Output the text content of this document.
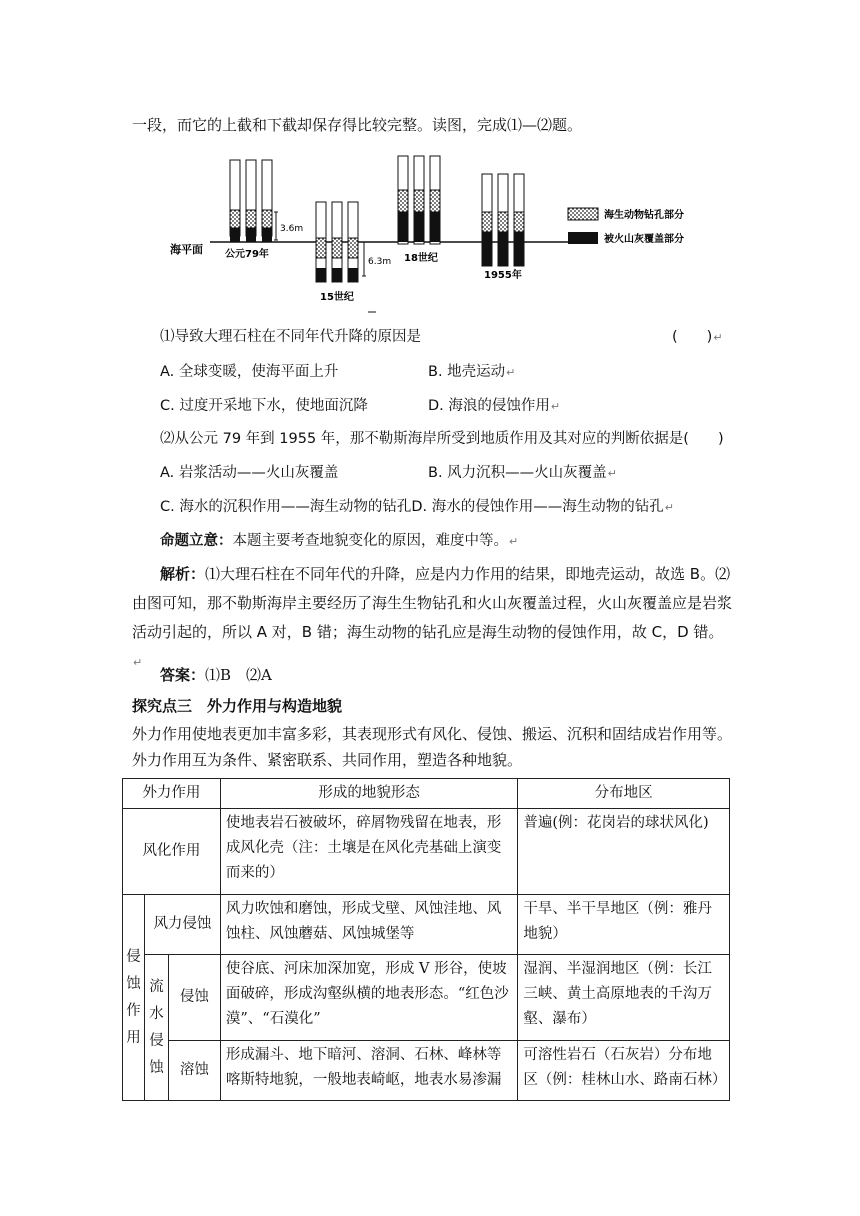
一段，而它的上截和下截却保存得比较完整。读图，完成⑴—⑵题。
海平面
3.6m
公元79年
6.3m
15世纪
18世纪
1955年
海生动物钻孔部分
被火山灰覆盖部分
⑴导致大理石柱在不同年代升降的原因是	(　　)↵
A. 全球变暖，使海平面上升	B. 地壳运动↵
C. 过度开采地下水，使地面沉降	D. 海浪的侵蚀作用↵
⑵从公元 79 年到 1955 年，那不勒斯海岸所受到地质作用及其对应的判断依据是(　　)
A. 岩浆活动——火山灰覆盖	B. 风力沉积——火山灰覆盖↵
C. 海水的沉积作用——海生动物的钻孔D. 海水的侵蚀作用——海生动物的钻孔↵
命题立意：本题主要考查地貌变化的原因，难度中等。↵
解析：⑴大理石柱在不同年代的升降，应是内力作用的结果，即地壳运动，故选 B。⑵由图可知，那不勒斯海岸主要经历了海生生物钻孔和火山灰覆盖过程，火山灰覆盖应是岩浆活动引起的，所以 A 对，B 错；海生动物的钻孔应是海生动物的侵蚀作用，故 C，D 错。↵
答案：⑴B　⑵A
探究点三　外力作用与构造地貌
外力作用使地表更加丰富多彩，其表现形式有风化、侵蚀、搬运、沉积和固结成岩作用等。外力作用互为条件、紧密联系、共同作用，塑造各种地貌。
外力作用			形成的地貌形态	分布地区
风化作用			使地表岩石被破坏，碎屑物残留在地表，形成风化壳（注：土壤是在风化壳基础上演变而来的）	普遍(例：花岗岩的球状风化)
侵蚀作用	风力侵蚀		风力吹蚀和磨蚀，形成戈壁、风蚀洼地、风蚀柱、风蚀蘑菇、风蚀城堡等	干旱、半干旱地区（例：雅丹地貌）
	流水侵蚀	侵蚀	使谷底、河床加深加宽，形成 V 形谷，使坡面破碎，形成沟壑纵横的地表形态。“红色沙漠”、“石漠化”	湿润、半湿润地区（例：长江三峡、黄土高原地表的千沟万壑、瀑布）
		溶蚀	形成漏斗、地下暗河、溶洞、石林、峰林等喀斯特地貌，一般地表崎岖，地表水易渗漏	可溶性岩石（石灰岩）分布地区（例：桂林山水、路南石林）
